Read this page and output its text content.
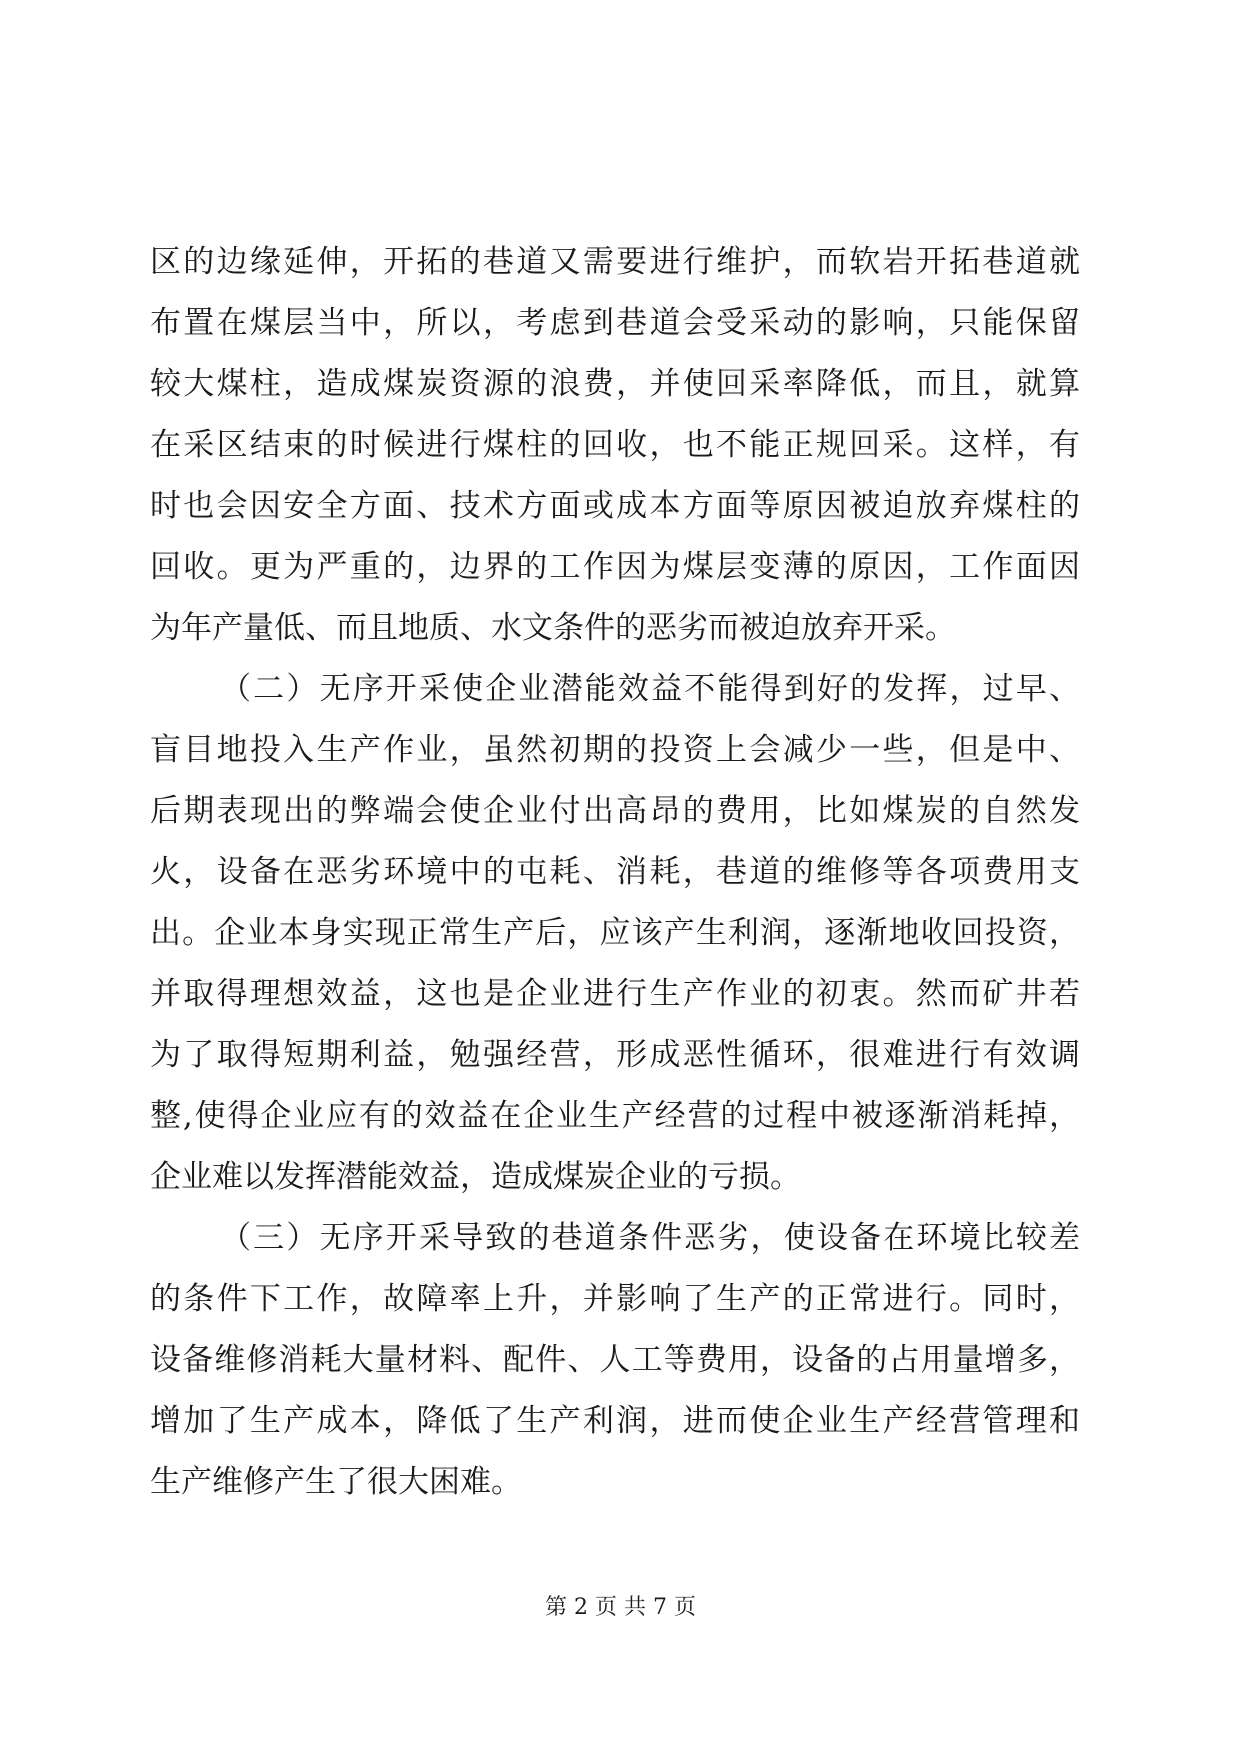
区的边缘延伸，开拓的巷道又需要进行维护，而软岩开拓巷道就
布置在煤层当中，所以，考虑到巷道会受采动的影响，只能保留
较大煤柱，造成煤炭资源的浪费，并使回采率降低，而且，就算
在采区结束的时候进行煤柱的回收，也不能正规回采。这样，有
时也会因安全方面、技术方面或成本方面等原因被迫放弃煤柱的
回收。更为严重的，边界的工作因为煤层变薄的原因，工作面因
为年产量低、而且地质、水文条件的恶劣而被迫放弃开采。
（二）无序开采使企业潜能效益不能得到好的发挥，过早、
盲目地投入生产作业，虽然初期的投资上会减少一些，但是中、
后期表现出的弊端会使企业付出高昂的费用，比如煤炭的自然发
火，设备在恶劣环境中的屯耗、消耗，巷道的维修等各项费用支
出。企业本身实现正常生产后，应该产生利润，逐渐地收回投资，
并取得理想效益，这也是企业进行生产作业的初衷。然而矿井若
为了取得短期利益，勉强经营，形成恶性循环，很难进行有效调
整,使得企业应有的效益在企业生产经营的过程中被逐渐消耗掉，
企业难以发挥潜能效益，造成煤炭企业的亏损。
（三）无序开采导致的巷道条件恶劣，使设备在环境比较差
的条件下工作，故障率上升，并影响了生产的正常进行。同时，
设备维修消耗大量材料、配件、人工等费用，设备的占用量增多，
增加了生产成本，降低了生产利润，进而使企业生产经营管理和
生产维修产生了很大困难。
第 2 页 共 7 页
